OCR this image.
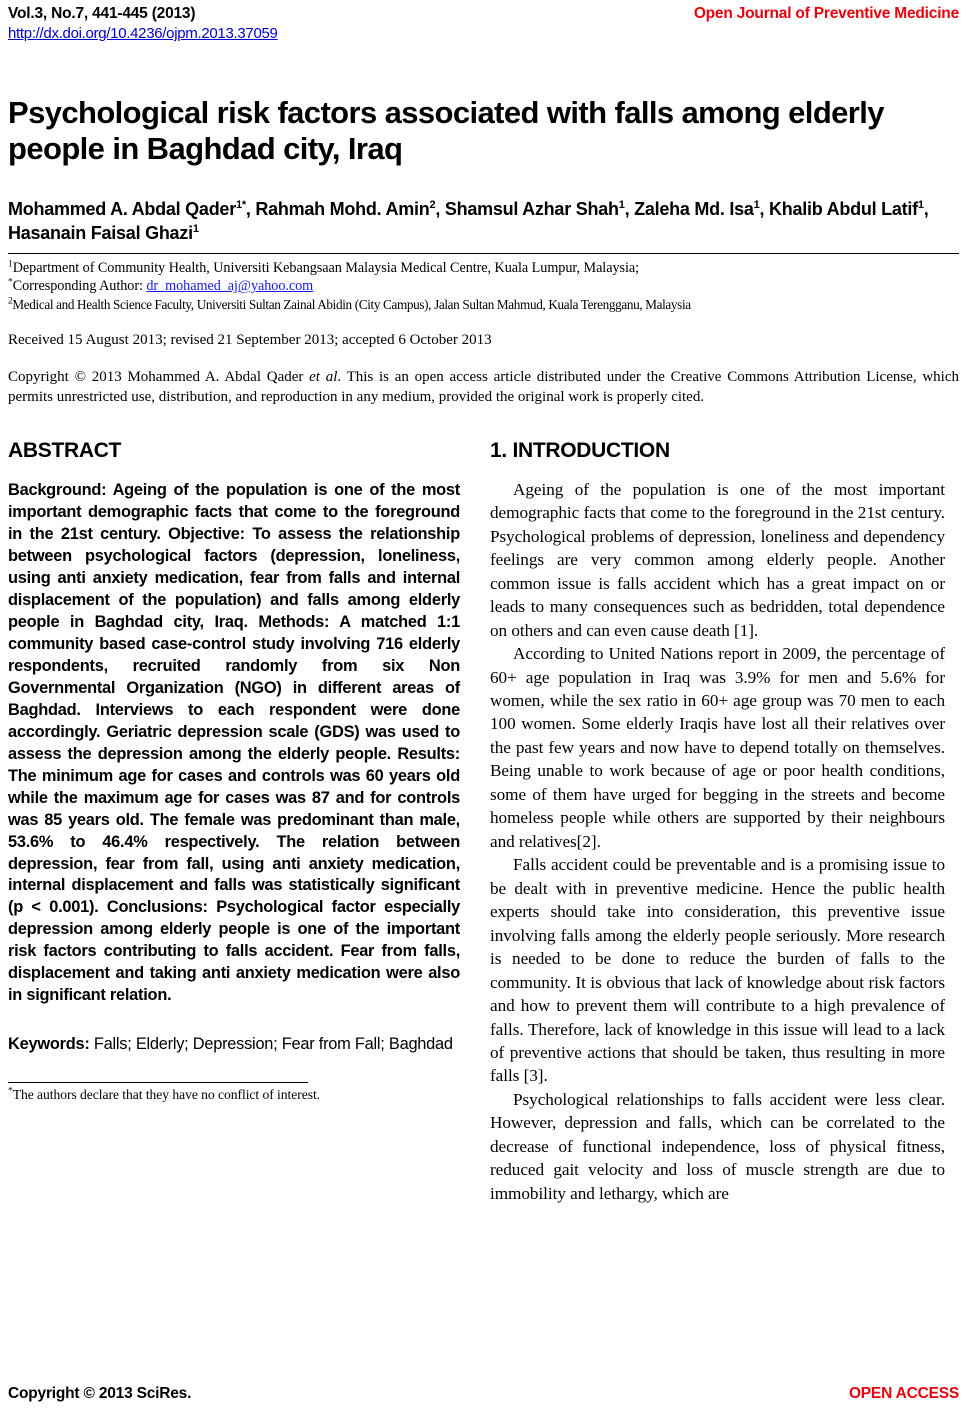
Vol.3, No.7, 441-445 (2013)	Open Journal of Preventive Medicine
http://dx.doi.org/10.4236/ojpm.2013.37059
Psychological risk factors associated with falls among elderly people in Baghdad city, Iraq
Mohammed A. Abdal Qader$^{1*}$, Rahmah Mohd. Amin$^2$, Shamsul Azhar Shah$^1$, Zaleha Md. Isa$^1$, Khalib Abdul Latif$^1$, Hasanain Faisal Ghazi$^1$
$^1$Department of Community Health, Universiti Kebangsaan Malaysia Medical Centre, Kuala Lumpur, Malaysia;
*Corresponding Author: dr_mohamed_aj@yahoo.com
$^2$Medical and Health Science Faculty, Universiti Sultan Zainal Abidin (City Campus), Jalan Sultan Mahmud, Kuala Terengganu, Malaysia
Received 15 August 2013; revised 21 September 2013; accepted 6 October 2013
Copyright © 2013 Mohammed A. Abdal Qader et al. This is an open access article distributed under the Creative Commons Attribution License, which permits unrestricted use, distribution, and reproduction in any medium, provided the original work is properly cited.
ABSTRACT
Background: Ageing of the population is one of the most important demographic facts that come to the foreground in the 21st century. Objective: To assess the relationship between psychological factors (depression, loneliness, using anti anxiety medication, fear from falls and internal displacement of the population) and falls among elderly people in Baghdad city, Iraq. Methods: A matched 1:1 community based case-control study involving 716 elderly respondents, recruited randomly from six Non Governmental Organization (NGO) in different areas of Baghdad. Interviews to each respondent were done accordingly. Geriatric depression scale (GDS) was used to assess the depression among the elderly people. Results: The minimum age for cases and controls was 60 years old while the maximum age for cases was 87 and for controls was 85 years old. The female was predominant than male, 53.6% to 46.4% respectively. The relation between depression, fear from fall, using anti anxiety medication, internal displacement and falls was statistically significant (p < 0.001). Conclusions: Psychological factor especially depression among elderly people is one of the important risk factors contributing to falls accident. Fear from falls, displacement and taking anti anxiety medication were also in significant relation.
Keywords: Falls; Elderly; Depression; Fear from Fall; Baghdad
*The authors declare that they have no conflict of interest.
1. INTRODUCTION

Ageing of the population is one of the most important demographic facts that come to the foreground in the 21st century. Psychological problems of depression, loneliness and dependency feelings are very common among elderly people. Another common issue is falls accident which has a great impact on or leads to many consequences such as bedridden, total dependence on others and can even cause death [1].

According to United Nations report in 2009, the percentage of 60+ age population in Iraq was 3.9% for men and 5.6% for women, while the sex ratio in 60+ age group was 70 men to each 100 women. Some elderly Iraqis have lost all their relatives over the past few years and now have to depend totally on themselves. Being unable to work because of age or poor health conditions, some of them have urged for begging in the streets and become homeless people while others are supported by their neighbours and relatives[2].

Falls accident could be preventable and is a promising issue to be dealt with in preventive medicine. Hence the public health experts should take into consideration, this preventive issue involving falls among the elderly people seriously. More research is needed to be done to reduce the burden of falls to the community. It is obvious that lack of knowledge about risk factors and how to prevent them will contribute to a high prevalence of falls. Therefore, lack of knowledge in this issue will lead to a lack of preventive actions that should be taken, thus resulting in more falls [3].

Psychological relationships to falls accident were less clear. However, depression and falls, which can be correlated to the decrease of functional independence, loss of physical fitness, reduced gait velocity and loss of muscle strength are due to immobility and lethargy, which are

Copyright © 2013 SciRes.	OPEN ACCESS
